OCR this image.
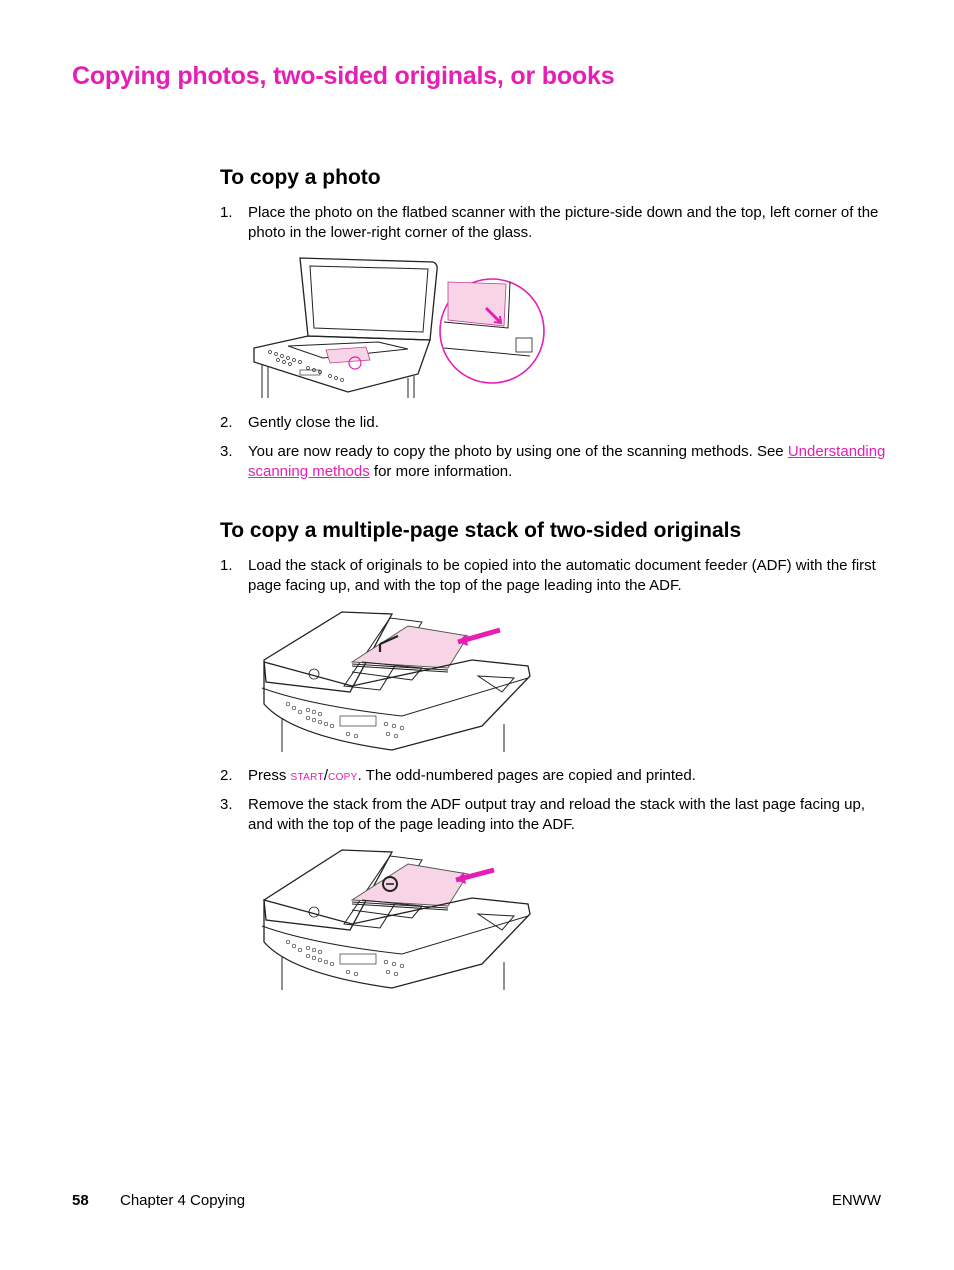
Copying photos, two-sided originals, or books
To copy a photo
1. Place the photo on the flatbed scanner with the picture-side down and the top, left corner of the photo in the lower-right corner of the glass.
2. Gently close the lid.
3. You are now ready to copy the photo by using one of the scanning methods. See Understanding scanning methods for more information.
To copy a multiple-page stack of two-sided originals
1. Load the stack of originals to be copied into the automatic document feeder (ADF) with the first page facing up, and with the top of the page leading into the ADF.
2. Press START/COPY. The odd-numbered pages are copied and printed.
3. Remove the stack from the ADF output tray and reload the stack with the last page facing up, and with the top of the page leading into the ADF.
58 Chapter 4 Copying	ENWW
